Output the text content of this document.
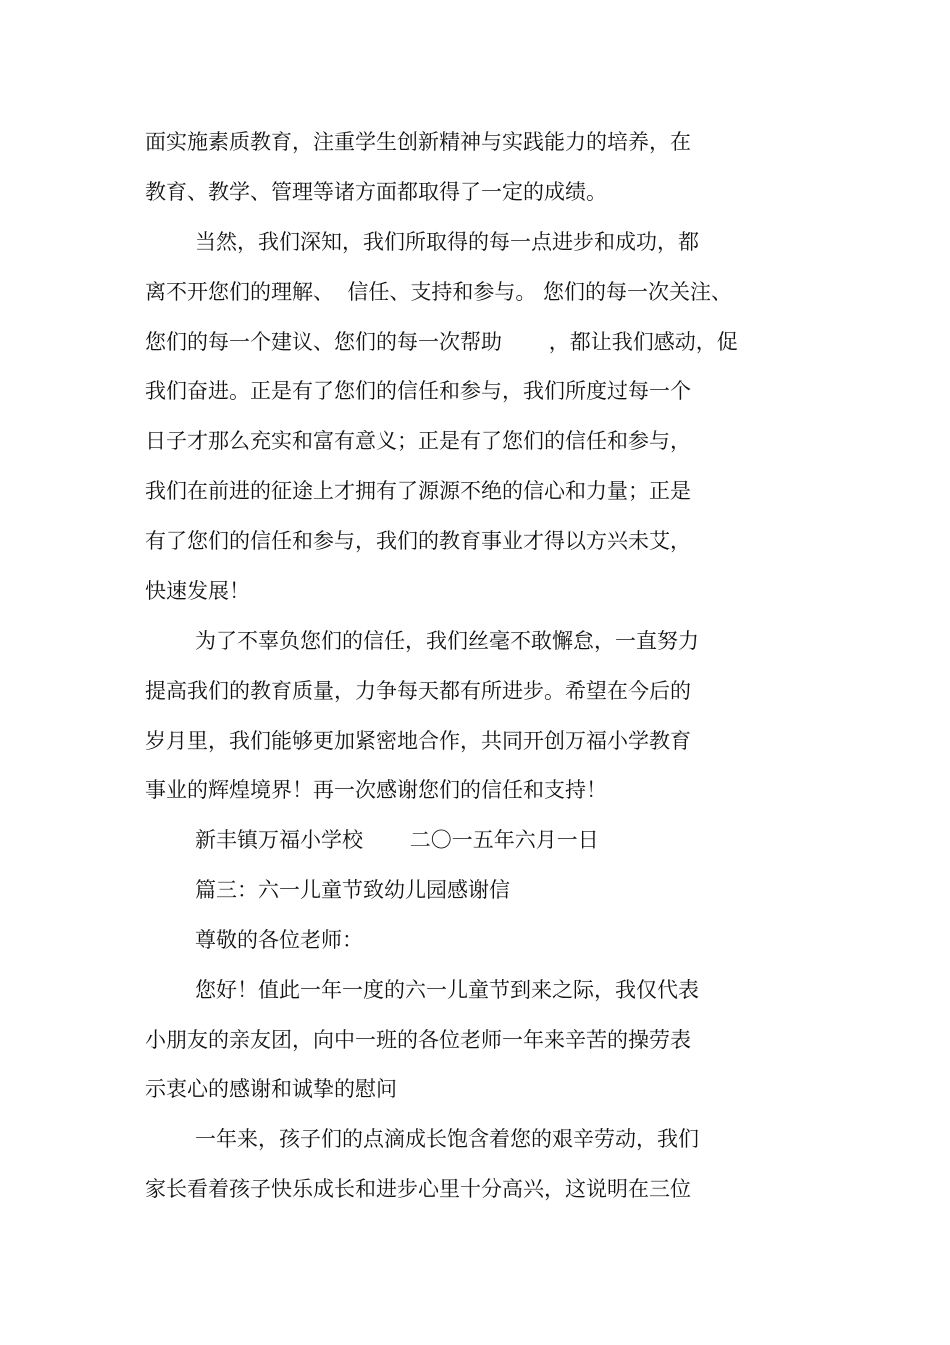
面实施素质教育，注重学生创新精神与实践能力的培养，在
教育、教学、管理等诸方面都取得了一定的成绩。
当然，我们深知，我们所取得的每一点进步和成功，都
离不开您们的理解、  信任、支持和参与。 您们的每一次关注、
您们的每一个建议、您们的每一次帮助       ，都让我们感动，促
我们奋进。正是有了您们的信任和参与，我们所度过每一个
日子才那么充实和富有意义；正是有了您们的信任和参与，
我们在前进的征途上才拥有了源源不绝的信心和力量；正是
有了您们的信任和参与，我们的教育事业才得以方兴未艾，
快速发展！
为了不辜负您们的信任，我们丝毫不敢懈怠，一直努力
提高我们的教育质量，力争每天都有所进步。希望在今后的
岁月里，我们能够更加紧密地合作，共同开创万福小学教育
事业的辉煌境界！再一次感谢您们的信任和支持！
新丰镇万福小学校       二〇一五年六月一日
篇三：六一儿童节致幼儿园感谢信
尊敬的各位老师：
您好！值此一年一度的六一儿童节到来之际，我仅代表
小朋友的亲友团，向中一班的各位老师一年来辛苦的操劳表
示衷心的感谢和诚挚的慰问
一年来，孩子们的点滴成长饱含着您的艰辛劳动，我们
家长看着孩子快乐成长和进步心里十分高兴，这说明在三位
